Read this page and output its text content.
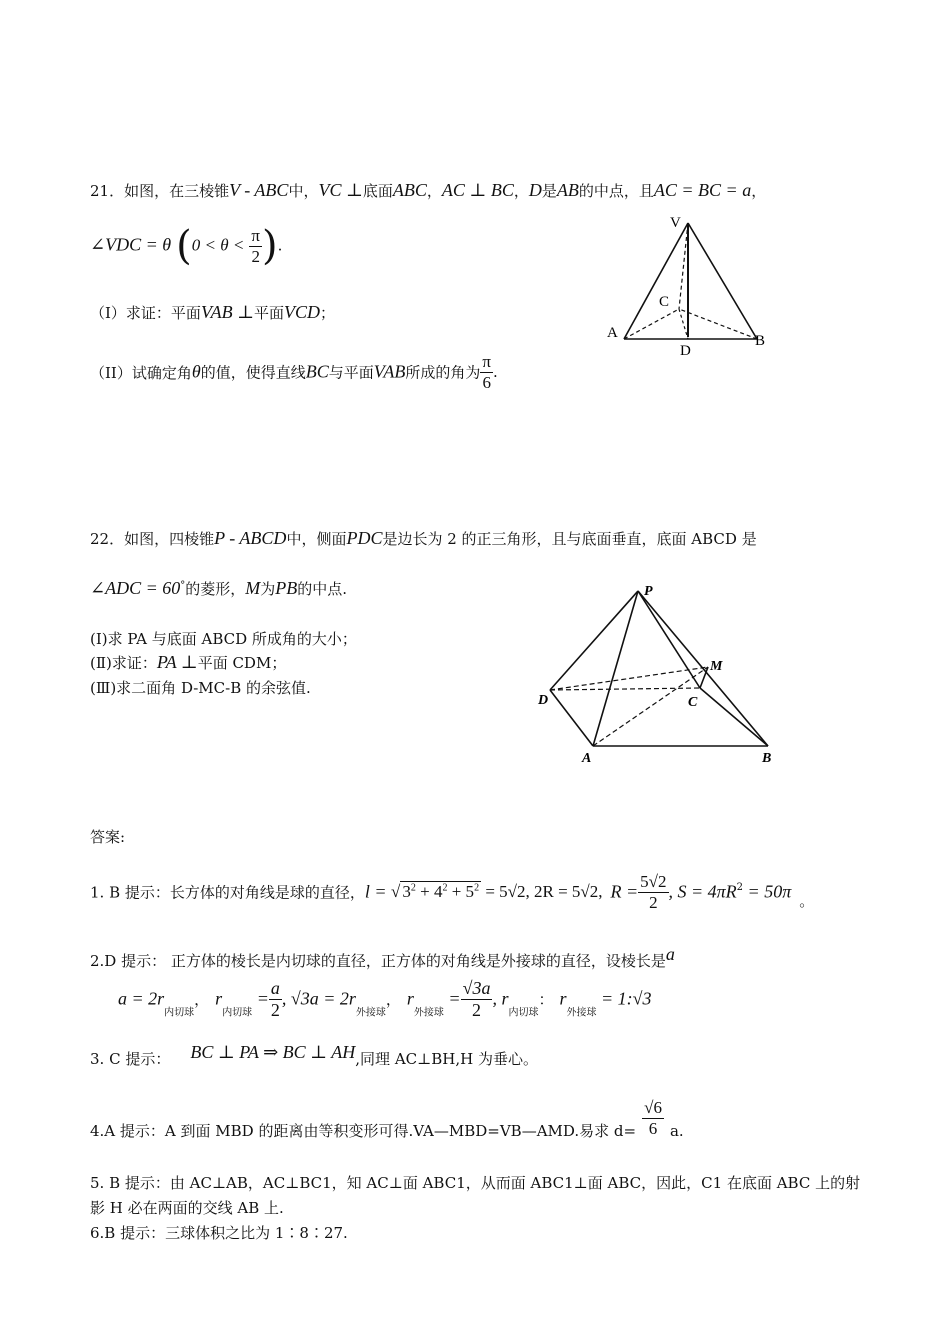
21．如图，在三棱锥V - ABC中，VC ⊥底面ABC，AC ⊥ BC，D是AB的中点，且AC = BC = a，
∠VDC = θ ($0 < \theta < \frac{\pi}{2}$ ).
（I）求证：平面VAB ⊥平面VCD；
（II）试确定角θ的值，使得直线BC与平面VAB所成的角为 $\frac{\pi}{6}$ .
V
C
A	B
D
22．如图，四棱锥P - ABCD中，侧面PDC是边长为 2 的正三角形，且与底面垂直，底面 ABCD 是
∠ADC = 60°的菱形，M为PB的中点.
(Ⅰ)求 PA 与底面 ABCD 所成角的大小；
(Ⅱ)求证：PA ⊥平面 CDM；
(Ⅲ)求二面角 D-MC-B 的余弦值.
P
M
D	C
A	B
答案:
1. B 提示：长方体的对角线是球的直径，l = √ $3^2 + 4^2 + 5^2 = 5√2$, 2R = 5√2, $R = \frac{5√2}{2}$ , $S = 4\pi R^2 = 50\pi$ 。
2.D 提示： 正方体的棱长是内切球的直径，正方体的对角线是外接球的直径，设棱长是a
$a = 2r_{内切球}$， $r_{内切球} = \frac{a}{2}$ , $√3a = 2r_{外接球}$， $r_{外接球} = \frac{√3a}{2}$ , $r_{内切球}$： $r_{外接球}$ = 1:√3
3. C 提示： BC ⊥ PA ⇒ BC ⊥ AH,同理 AC⊥BH,H 为垂心。
4.A 提示：A 到面 MBD 的距离由等积变形可得.VA—MBD=VB—AMD.易求 $d= \frac{√6}{6} a$.
5. B 提示：由 AC⊥AB，AC⊥BC1，知 AC⊥面 ABC1，从而面 ABC1⊥面 ABC，因此，C1 在底面 ABC 上的射
影 H 必在两面的交线 AB 上.
6.B 提示：三球体积之比为 1∶8∶27.
